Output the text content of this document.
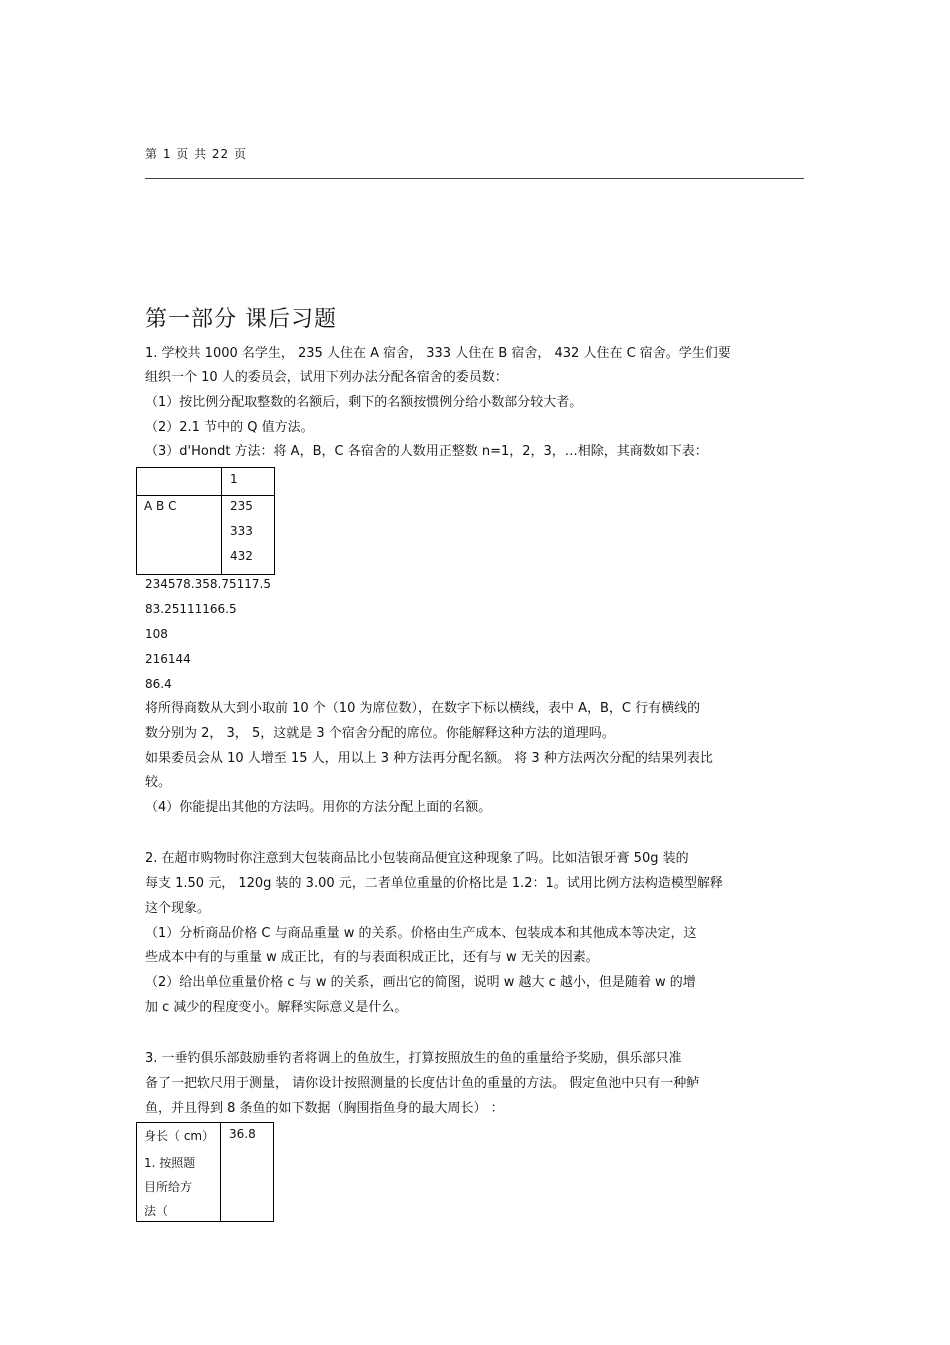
第 1 页 共 22 页
第一部分 课后习题
1. 学校共 1000 名学生， 235 人住在 A 宿舍， 333 人住在 B 宿舍， 432 人住在 C 宿舍。学生们要
组织一个 10 人的委员会，试用下列办法分配各宿舍的委员数：
（1）按比例分配取整数的名额后，剩下的名额按惯例分给小数部分较大者。
（2）2.1 节中的 Q 值方法。
（3）d'Hondt 方法：将 A，B，C 各宿舍的人数用正整数 n=1，2，3，…相除，其商数如下表：
1
A B C	235
333
432
234578.358.75117.5
83.25111166.5
108
216144
86.4
将所得商数从大到小取前 10 个（10 为席位数），在数字下标以横线，表中 A，B，C 行有横线的
数分别为 2， 3， 5，这就是 3 个宿舍分配的席位。你能解释这种方法的道理吗。
如果委员会从 10 人增至 15 人，用以上 3 种方法再分配名额。 将 3 种方法两次分配的结果列表比
较。
（4）你能提出其他的方法吗。用你的方法分配上面的名额。
2. 在超市购物时你注意到大包装商品比小包装商品便宜这种现象了吗。比如洁银牙膏 50g 装的
每支 1.50 元， 120g 装的 3.00 元，二者单位重量的价格比是 1.2：1。试用比例方法构造模型解释
这个现象。
（1）分析商品价格 C 与商品重量 w 的关系。价格由生产成本、包装成本和其他成本等决定，这
些成本中有的与重量 w 成正比，有的与表面积成正比，还有与 w 无关的因素。
（2）给出单位重量价格 c 与 w 的关系，画出它的简图，说明 w 越大 c 越小，但是随着 w 的增
加 c 减少的程度变小。解释实际意义是什么。
3. 一垂钓俱乐部鼓励垂钓者将调上的鱼放生，打算按照放生的鱼的重量给予奖励，俱乐部只准
备了一把软尺用于测量， 请你设计按照测量的长度估计鱼的重量的方法。 假定鱼池中只有一种鲈
鱼，并且得到 8 条鱼的如下数据（胸围指鱼身的最大周长） ：
身长（ cm） 36.8
1. 按照题
目所给方
法（
